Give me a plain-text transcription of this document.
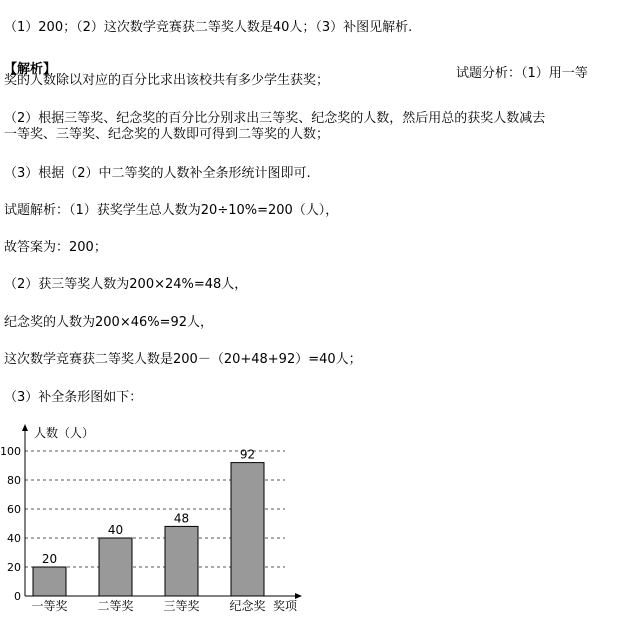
（1）200；（2）这次数学竞赛获二等奖人数是40人；（3）补图见解析.
【解析】	试题分析：（1）用一等
奖的人数除以对应的百分比求出该校共有多少学生获奖；
（2）根据三等奖、纪念奖的百分比分别求出三等奖、纪念奖的人数，然后用总的获奖人数减去
一等奖、三等奖、纪念奖的人数即可得到二等奖的人数；
（3）根据（2）中二等奖的人数补全条形统计图即可.
试题解析：（1）获奖学生总人数为20÷10%=200（人），
故答案为：200；
（2）获三等奖人数为200×24%=48人，
纪念奖的人数为200×46%=92人，
这次数学竞赛获二等奖人数是200－（20+48+92）=40人；
（3）补全条形图如下：
人数（人）
奖项
0
20
40
60
80
100
20
一等奖
40
二等奖
48
三等奖
92
纪念奖
